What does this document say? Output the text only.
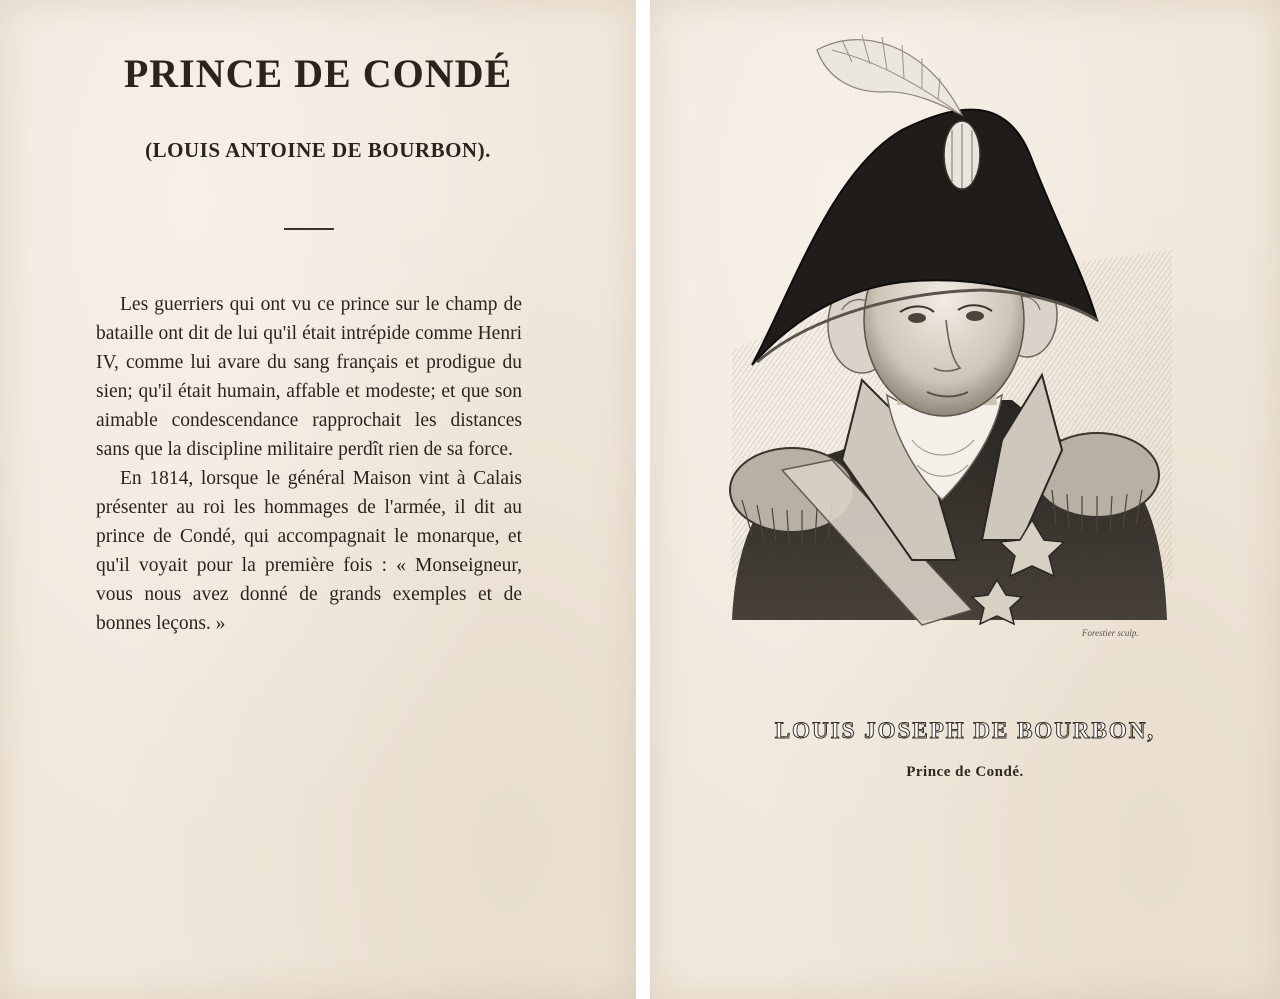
PRINCE DE CONDÉ
(LOUIS ANTOINE DE BOURBON).

Les guerriers qui ont vu ce prince sur le champ de bataille ont dit de lui qu'il était intrépide comme Henri IV, comme lui avare du sang français et prodigue du sien; qu'il était humain, affable et modeste; et que son aimable condescendance rapprochait les distances sans que la discipline militaire perdît rien de sa force.

En 1814, lorsque le général Maison vint à Calais présenter au roi les hommages de l'armée, il dit au prince de Condé, qui accompagnait le monarque, et qu'il voyait pour la première fois : « Monseigneur, vous nous avez donné de grands exemples et de bonnes leçons. »	Forestier sculp.
LOUIS JOSEPH DE BOURBON,
Prince de Condé.
